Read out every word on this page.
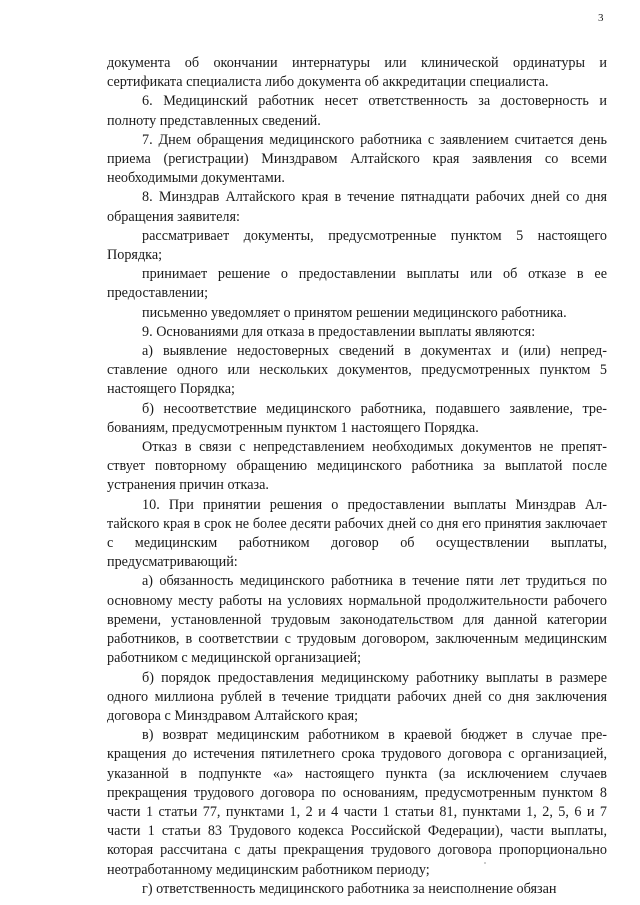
3

документа об окончании интернатуры или клинической ординатуры и сертификата специалиста либо документа об аккредитации специалиста.

6. Медицинский работник несет ответственность за достоверность и полноту представленных сведений.

7. Днем обращения медицинского работника с заявлением считается день приема (регистрации) Минздравом Алтайского края заявления со всеми необходимыми документами.

8. Минздрав Алтайского края в течение пятнадцати рабочих дней со дня обращения заявителя:

рассматривает документы, предусмотренные пунктом 5 настоящего Порядка;

принимает решение о предоставлении выплаты или об отказе в ее предоставлении;

письменно уведомляет о принятом решении медицинского работника.

9. Основаниями для отказа в предоставлении выплаты являются:

а) выявление недостоверных сведений в документах и (или) непредставление одного или нескольких документов, предусмотренных пунктом 5 настоящего Порядка;

б) несоответствие медицинского работника, подавшего заявление, требованиям, предусмотренным пунктом 1 настоящего Порядка.

Отказ в связи с непредставлением необходимых документов не препятствует повторному обращению медицинского работника за выплатой после устранения причин отказа.

10. При принятии решения о предоставлении выплаты Минздрав Алтайского края в срок не более десяти рабочих дней со дня его принятия заключает с медицинским работником договор об осуществлении выплаты, предусматривающий:

а) обязанность медицинского работника в течение пяти лет трудиться по основному месту работы на условиях нормальной продолжительности рабочего времени, установленной трудовым законодательством для данной категории работников, в соответствии с трудовым договором, заключенным медицинским работником с медицинской организацией;

б) порядок предоставления медицинскому работнику выплаты в размере одного миллиона рублей в течение тридцати рабочих дней со дня заключения договора с Минздравом Алтайского края;

в) возврат медицинским работником в краевой бюджет в случае прекращения до истечения пятилетнего срока трудового договора с организацией, указанной в подпункте «а» настоящего пункта (за исключением случаев прекращения трудового договора по основаниям, предусмотренным пунктом 8 части 1 статьи 77, пунктами 1, 2 и 4 части 1 статьи 81, пунктами 1, 2, 5, 6 и 7 части 1 статьи 83 Трудового кодекса Российской Федерации), части выплаты, которая рассчитана с даты прекращения трудового договора пропорционально неотработанному медицинским работником периоду;

г) ответственность медицинского работника за неисполнение обязан
